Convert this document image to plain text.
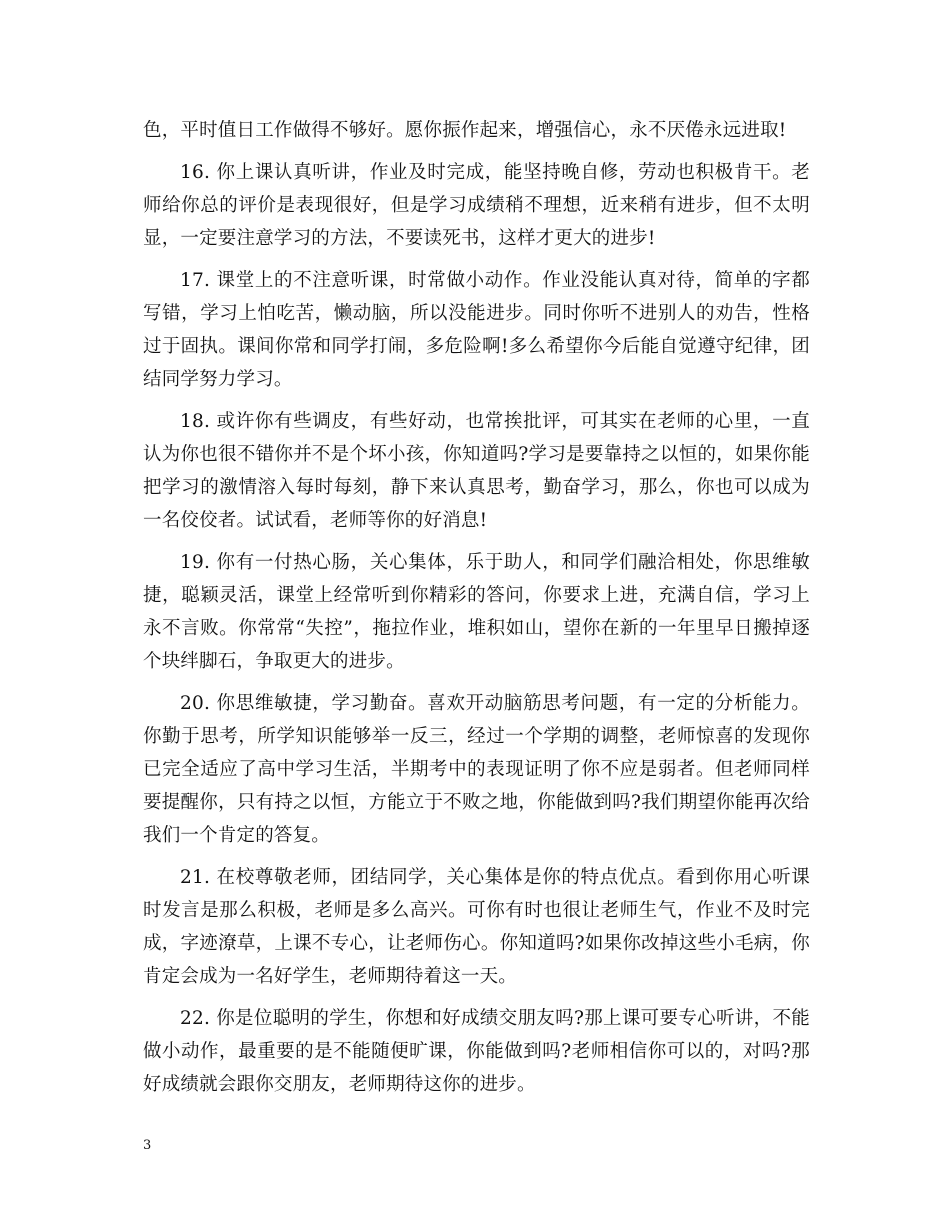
色，平时值日工作做得不够好。愿你振作起来，增强信心，永不厌倦永远进取!

16. 你上课认真听讲，作业及时完成，能坚持晚自修，劳动也积极肯干。老师给你总的评价是表现很好，但是学习成绩稍不理想，近来稍有进步，但不太明显，一定要注意学习的方法，不要读死书，这样才更大的进步!

17. 课堂上的不注意听课，时常做小动作。作业没能认真对待，简单的字都写错，学习上怕吃苦，懒动脑，所以没能进步。同时你听不进别人的劝告，性格过于固执。课间你常和同学打闹，多危险啊!多么希望你今后能自觉遵守纪律，团结同学努力学习。

18. 或许你有些调皮，有些好动，也常挨批评，可其实在老师的心里，一直认为你也很不错你并不是个坏小孩，你知道吗?学习是要靠持之以恒的，如果你能把学习的激情溶入每时每刻，静下来认真思考，勤奋学习，那么，你也可以成为一名佼佼者。试试看，老师等你的好消息!

19. 你有一付热心肠，关心集体，乐于助人，和同学们融洽相处，你思维敏捷，聪颖灵活，课堂上经常听到你精彩的答问，你要求上进，充满自信，学习上永不言败。你常常“失控”，拖拉作业，堆积如山，望你在新的一年里早日搬掉逐个块绊脚石，争取更大的进步。

20. 你思维敏捷，学习勤奋。喜欢开动脑筋思考问题，有一定的分析能力。你勤于思考，所学知识能够举一反三，经过一个学期的调整，老师惊喜的发现你已完全适应了高中学习生活，半期考中的表现证明了你不应是弱者。但老师同样要提醒你，只有持之以恒，方能立于不败之地，你能做到吗?我们期望你能再次给我们一个肯定的答复。

21. 在校尊敬老师，团结同学，关心集体是你的特点优点。看到你用心听课时发言是那么积极，老师是多么高兴。可你有时也很让老师生气，作业不及时完成，字迹潦草，上课不专心，让老师伤心。你知道吗?如果你改掉这些小毛病，你肯定会成为一名好学生，老师期待着这一天。

22. 你是位聪明的学生，你想和好成绩交朋友吗?那上课可要专心听讲，不能做小动作，最重要的是不能随便旷课，你能做到吗?老师相信你可以的，对吗?那好成绩就会跟你交朋友，老师期待这你的进步。

3
